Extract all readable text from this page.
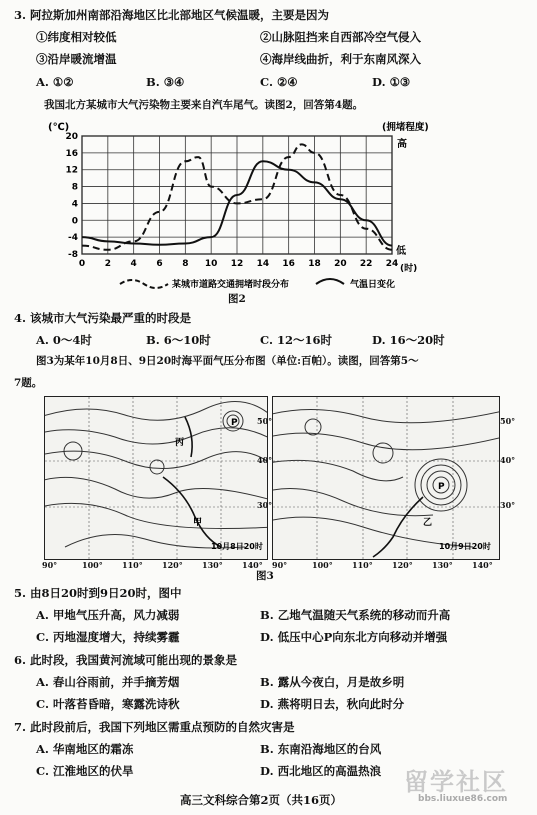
3. 阿拉斯加州南部沿海地区比北部地区气候温暖，主要是因为
①纬度相对较低	②山脉阻挡来自西部冷空气侵入
③沿岸暖流增温	④海岸线曲折，利于东南风深入
A. ①②	B. ③④	C. ②④	D. ①③
我国北方某城市大气污染物主要来自汽车尾气。读图2，回答第4题。
20
16
12
8
4
0
-4
-8
0 2 4 6 8 10 12 14 16 18 20 22 24
(℃)	(拥堵程度)
高
低
(时)
某城市道路交通拥堵时段分布	气温日变化
图2
4. 该城市大气污染最严重的时段是
A. 0～4时	B. 6～10时	C. 12～16时	D. 16～20时
图3为某年10月8日、9日20时海平面气压分布图（单位:百帕）。读图，回答第5～
7题。
甲
丙
P
10月8日20时
P
乙
10月9日20时
50°
40°
30°
50°
40°
30°
90°	100° 110° 120° 130° 140° 90°	100° 110° 120° 130° 140°
图3
5. 由8日20时到9日20时，图中
A. 甲地气压升高，风力减弱	B. 乙地气温随天气系统的移动而升高
C. 丙地湿度增大，持续雾霾	D. 低压中心P向东北方向移动并增强
6. 此时段，我国黄河流域可能出现的景象是
A. 春山谷雨前，并手摘芳烟	B. 露从今夜白，月是故乡明
C. 叶落苔昏暗，寒露洗诗秋	D. 燕将明日去，秋向此时分
7. 此时段前后，我国下列地区需重点预防的自然灾害是
A. 华南地区的霜冻	B. 东南沿海地区的台风
C. 江淮地区的伏旱	D. 西北地区的高温热浪
高三文科综合第2页（共16页）
留学社区
bbs.liuxue86.com
